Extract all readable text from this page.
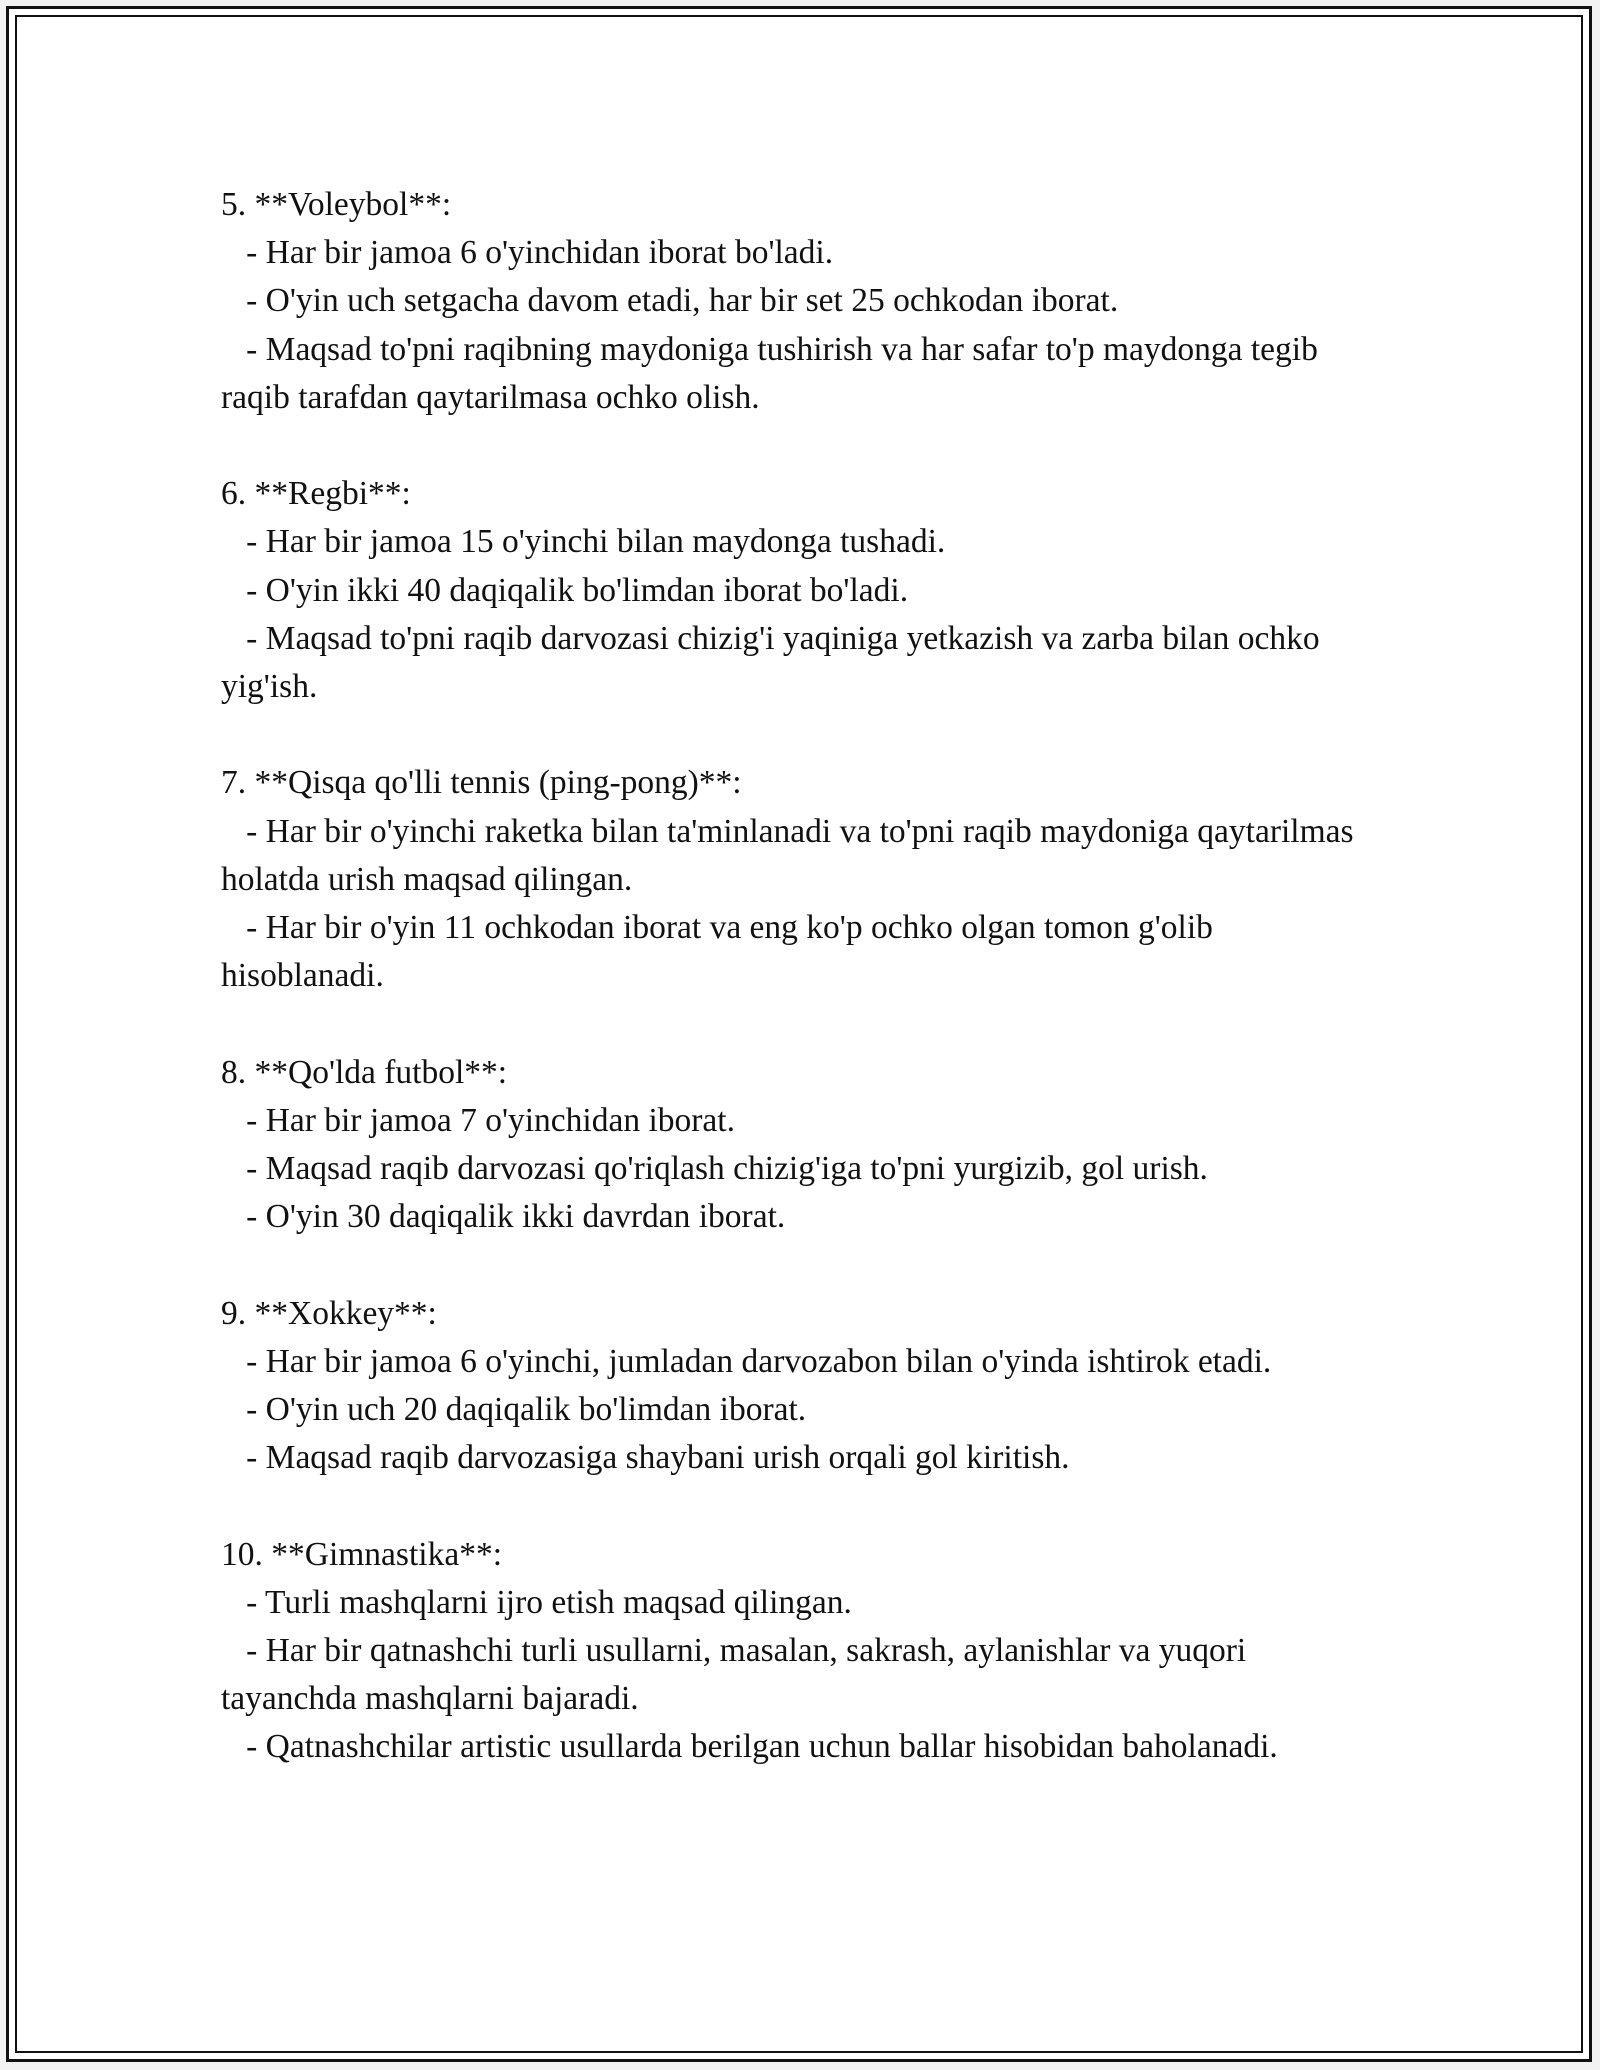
5. **Voleybol**:

- Har bir jamoa 6 o'yinchidan iborat bo'ladi.

- O'yin uch setgacha davom etadi, har bir set 25 ochkodan iborat.

- Maqsad to'pni raqibning maydoniga tushirish va har safar to'p maydonga tegib raqib tarafdan qaytarilmasa ochko olish.

6. **Regbi**:

- Har bir jamoa 15 o'yinchi bilan maydonga tushadi.

- O'yin ikki 40 daqiqalik bo'limdan iborat bo'ladi.

- Maqsad to'pni raqib darvozasi chizig'i yaqiniga yetkazish va zarba bilan ochko yig'ish.

7. **Qisqa qo'lli tennis (ping-pong)**:

- Har bir o'yinchi raketka bilan ta'minlanadi va to'pni raqib maydoniga qaytarilmas holatda urish maqsad qilingan.

- Har bir o'yin 11 ochkodan iborat va eng ko'p ochko olgan tomon g'olib hisoblanadi.

8. **Qo'lda futbol**:

- Har bir jamoa 7 o'yinchidan iborat.

- Maqsad raqib darvozasi qo'riqlash chizig'iga to'pni yurgizib, gol urish.

- O'yin 30 daqiqalik ikki davrdan iborat.

9. **Xokkey**:

- Har bir jamoa 6 o'yinchi, jumladan darvozabon bilan o'yinda ishtirok etadi.

- O'yin uch 20 daqiqalik bo'limdan iborat.

- Maqsad raqib darvozasiga shaybani urish orqali gol kiritish.

10. **Gimnastika**:

- Turli mashqlarni ijro etish maqsad qilingan.

- Har bir qatnashchi turli usullarni, masalan, sakrash, aylanishlar va yuqori tayanchda mashqlarni bajaradi.

- Qatnashchilar artistic usullarda berilgan uchun ballar hisobidan baholanadi.
